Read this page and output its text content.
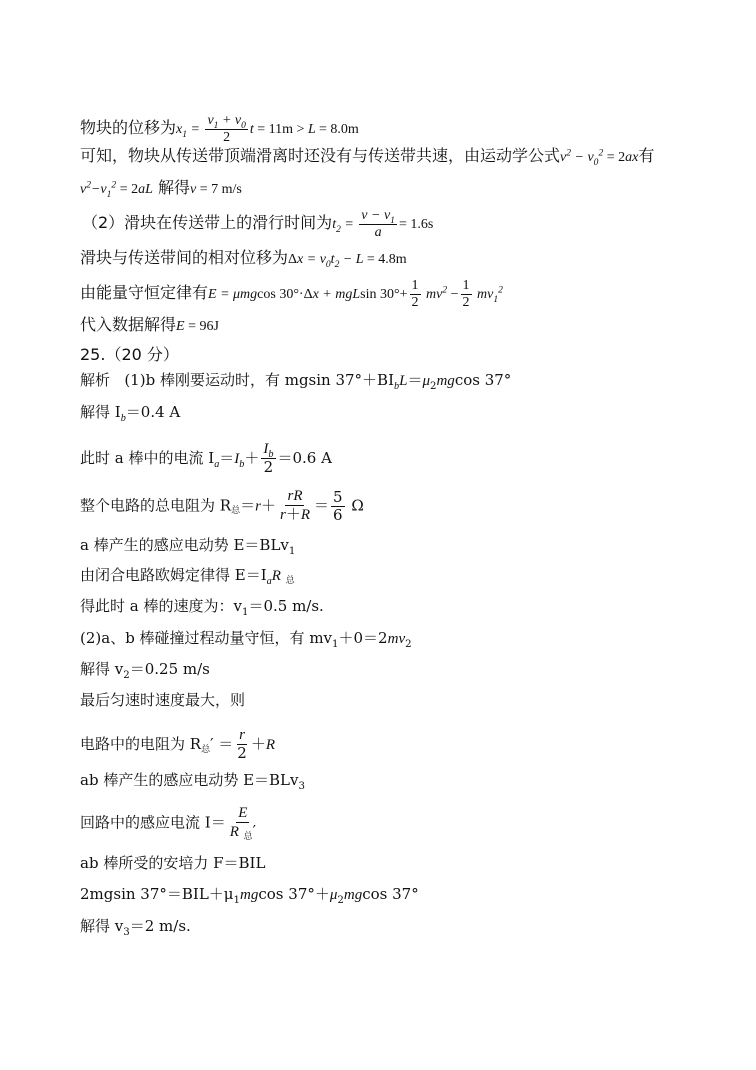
物块的位移为$x_1 = \frac{v_1 + v_0}{2}$ t = 11m > L = 8.0m
可知，物块从传送带顶端滑离时还没有与传送带共速，由运动学公式$v^2 - v_0^2 = 2ax$有
$v^2-v_1^2 = 2aL$ 解得v = 7 m/s
（2）滑块在传送带上的滑行时间为$t_2 = \frac{v - v_1}{a} = 1.6s$
滑块与传送带间的相对位移为$\Delta x = v_0t_2 - L = 4.8m$
由能量守恒定律有E = μmgcos 30°·Δx + mgLsin $30^\circ+ \frac{1}{2} mv^2 - \frac{1}{2} mv_1^2$
代入数据解得E = 96J
25.（20 分）
解析 (1)b 棒刚要运动时，有 mgsin $37^\circ+BI_bL=\mu_2mgcos$ 37°
解得 $I_b=0.4$ A
此时 a 棒中的电流 $I_a=I_b+ \frac{I_b}{2} =0.6$ A
整个电路的总电阻为 $R_总=r+ \frac{rR}{r+R} = \frac{5}{6}$ Ω
a 棒产生的感应电动势 E＝BLv$_1$
由闭合电路欧姆定律得 $E=I_aR$ $_总$
得此时 a 棒的速度为：$v_1=0.5$ m/s.
(2)a、b 棒碰撞过程动量守恒，有 $mv_1+0=2mv_2$
解得 $v_2=0.25$ m/s
最后匀速时速度最大，则
电路中的电阻为 $R_总' = \frac{r}{2} +R$
ab 棒产生的感应电动势 E＝BLv$_3$
回路中的感应电流 $I= \frac{E}{R _总'}$
ab 棒所受的安培力 F＝BIL
2mgsin $37^\circ=BIL+\mu_1mgcos$ $37^\circ+\mu_2mgcos$ 37°
解得 $v_3=2$ m/s.
